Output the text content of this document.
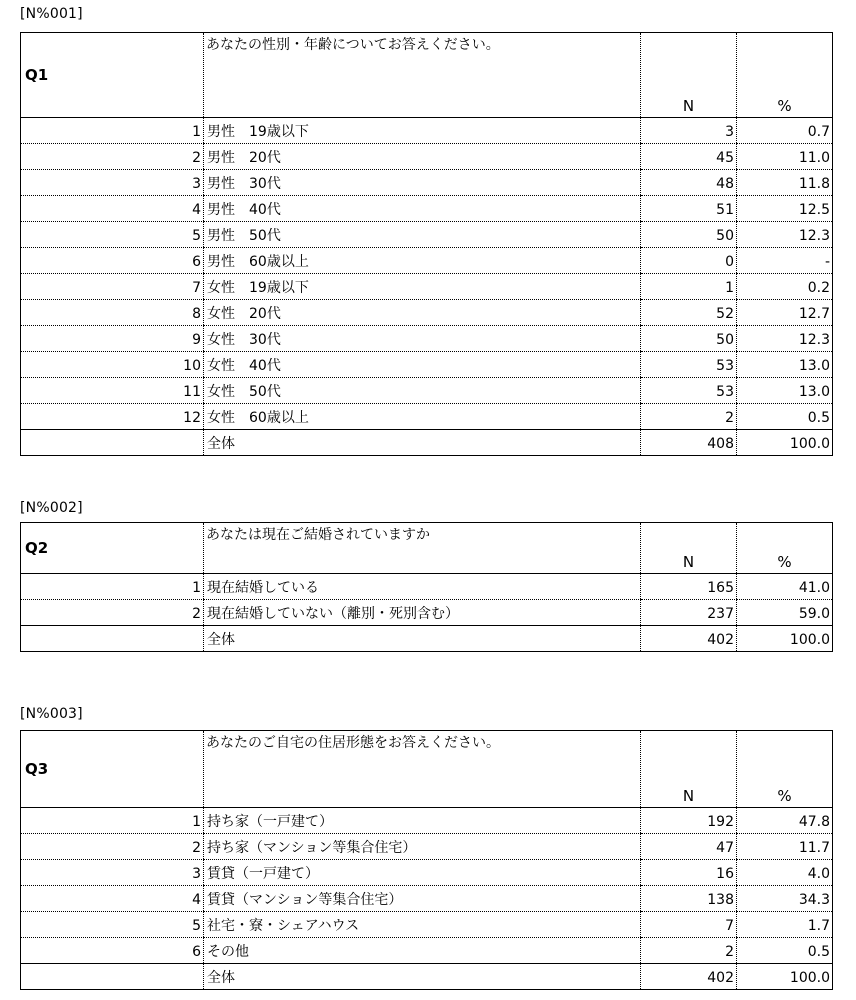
[N%001]
Q1	あなたの性別・年齢についてお答えください。	N	%
1	男性　19歳以下	3	0.7
2	男性　20代	45	11.0
3	男性　30代	48	11.8
4	男性　40代	51	12.5
5	男性　50代	50	12.3
6	男性　60歳以上	0	-
7	女性　19歳以下	1	0.2
8	女性　20代	52	12.7
9	女性　30代	50	12.3
10	女性　40代	53	13.0
11	女性　50代	53	13.0
12	女性　60歳以上	2	0.5
	全体	408	100.0
[N%002]
Q2	あなたは現在ご結婚されていますか	N	%
1	現在結婚している	165	41.0
2	現在結婚していない（離別・死別含む）	237	59.0
	全体	402	100.0
[N%003]
Q3	あなたのご自宅の住居形態をお答えください。	N	%
1	持ち家（一戸建て）	192	47.8
2	持ち家（マンション等集合住宅）	47	11.7
3	賃貸（一戸建て）	16	4.0
4	賃貸（マンション等集合住宅）	138	34.3
5	社宅・寮・シェアハウス	7	1.7
6	その他	2	0.5
	全体	402	100.0
